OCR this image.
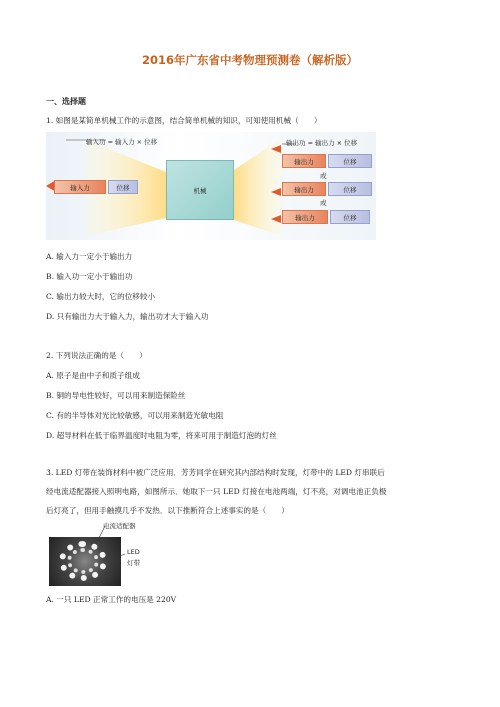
2016年广东省中考物理预测卷（解析版）
一、选择题
1. 如图是某简单机械工作的示意图，结合简单机械的知识，可知使用机械（　　）
输入功 = 输入力 × 位移
输入力	位移	机械
输出功 = 输出力 × 位移
输出力	位移
或
输出力	位移
或
输出力	位移
A. 输入力一定小于输出力
B. 输入功一定小于输出功
C. 输出力较大时，它的位移较小
D. 只有输出力大于输入力，输出功才大于输入功
2. 下列说法正确的是（　　）
A. 原子是由中子和质子组成
B. 铜的导电性较好，可以用来制造保险丝
C. 有的半导体对光比较敏感，可以用来制造光敏电阻
D. 超导材料在低于临界温度时电阻为零，将来可用于制造灯泡的灯丝
3. LED 灯带在装饰材料中被广泛应用．芳芳同学在研究其内部结构时发现，灯带中的 LED 灯串联后
经电流适配器接入照明电路，如图所示．她取下一只 LED 灯接在电池两端，灯不亮，对调电池正负极
后灯亮了，但用手触摸几乎不发热．以下推断符合上述事实的是（　　）
电流适配器
LED
灯带
A. 一只 LED 正常工作的电压是 220V
